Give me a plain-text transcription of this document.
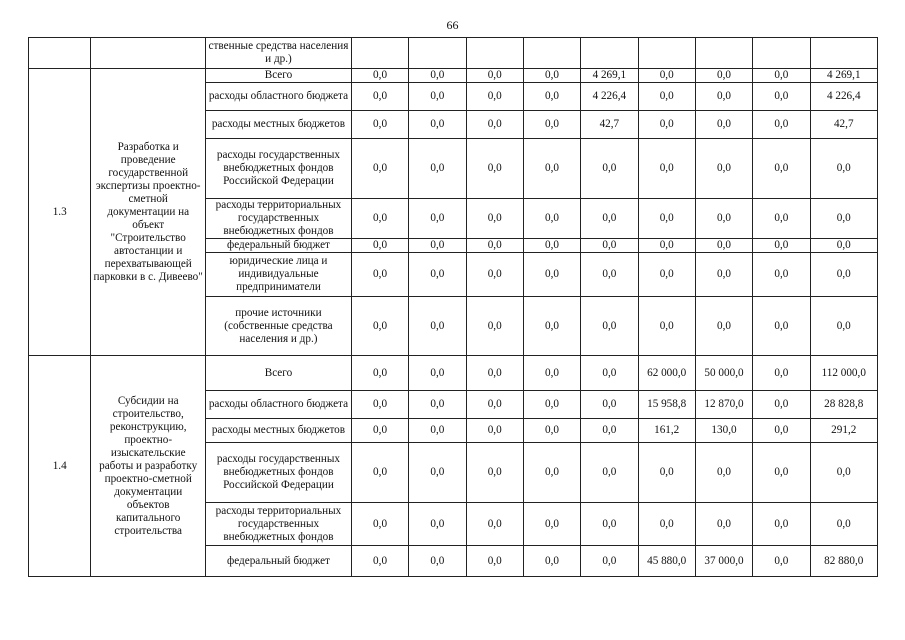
66
		ственные средства населения и др.)									
1.3	Разработка и проведение государственной экспертизы проектно-сметной документации на объект "Строительство автостанции и перехватывающей парковки в с. Дивеево"	Всего	0,0	0,0	0,0	0,0	4 269,1	0,0	0,0	0,0	4 269,1
		расходы областного бюджета	0,0	0,0	0,0	0,0	4 226,4	0,0	0,0	0,0	4 226,4
		расходы местных бюджетов	0,0	0,0	0,0	0,0	42,7	0,0	0,0	0,0	42,7
		расходы государственных внебюджетных фондов Российской Федерации	0,0	0,0	0,0	0,0	0,0	0,0	0,0	0,0	0,0
		расходы территориальных государственных внебюджетных фондов	0,0	0,0	0,0	0,0	0,0	0,0	0,0	0,0	0,0
		федеральный бюджет	0,0	0,0	0,0	0,0	0,0	0,0	0,0	0,0	0,0
		юридические лица и индивидуальные предприниматели	0,0	0,0	0,0	0,0	0,0	0,0	0,0	0,0	0,0
		прочие источники (собственные средства населения и др.)	0,0	0,0	0,0	0,0	0,0	0,0	0,0	0,0	0,0
1.4	Субсидии на строительство, реконструкцию, проектно-изыскательские работы и разработку проектно-сметной документации объектов капитального строительства	Всего	0,0	0,0	0,0	0,0	0,0	62 000,0	50 000,0	0,0	112 000,0
		расходы областного бюджета	0,0	0,0	0,0	0,0	0,0	15 958,8	12 870,0	0,0	28 828,8
		расходы местных бюджетов	0,0	0,0	0,0	0,0	0,0	161,2	130,0	0,0	291,2
		расходы государственных внебюджетных фондов Российской Федерации	0,0	0,0	0,0	0,0	0,0	0,0	0,0	0,0	0,0
		расходы территориальных государственных внебюджетных фондов	0,0	0,0	0,0	0,0	0,0	0,0	0,0	0,0	0,0
		федеральный бюджет	0,0	0,0	0,0	0,0	0,0	45 880,0	37 000,0	0,0	82 880,0
